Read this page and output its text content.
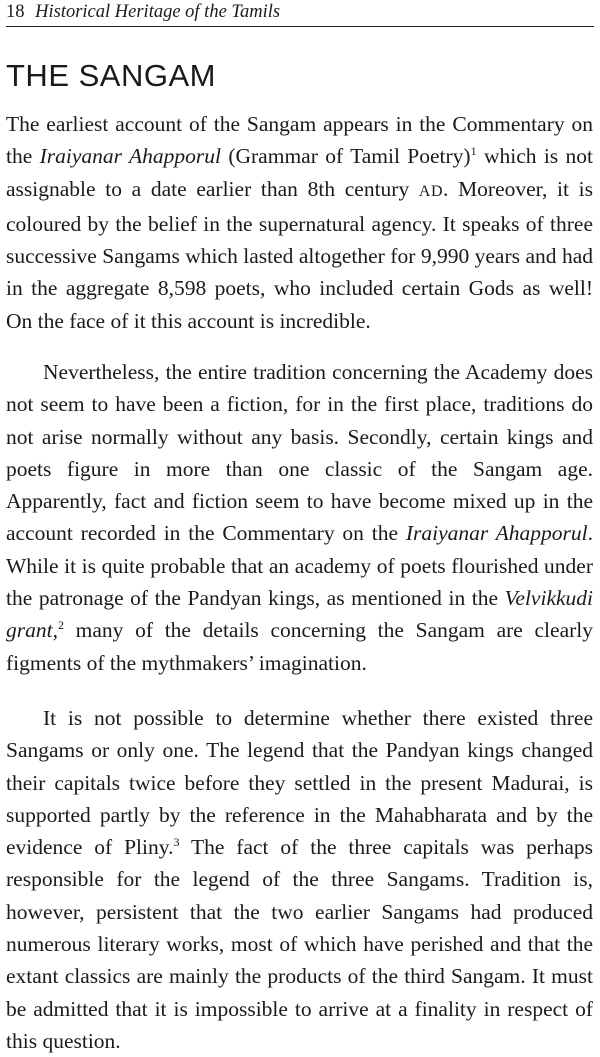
18 Historical Heritage of the Tamils
THE SANGAM

The earliest account of the Sangam appears in the Commentary on the Iraiyanar Ahapporul (Grammar of Tamil Poetry)$^1$ which is not assignable to a date earlier than 8th century AD. Moreover, it is coloured by the belief in the supernatural agency. It speaks of three successive Sangams which lasted altogether for 9,990 years and had in the aggregate 8,598 poets, who included certain Gods as well! On the face of it this account is incredible.

Nevertheless, the entire tradition concerning the Academy does not seem to have been a fiction, for in the first place, traditions do not arise normally without any basis. Secondly, certain kings and poets figure in more than one classic of the Sangam age. Apparently, fact and fiction seem to have become mixed up in the account recorded in the Commentary on the Iraiyanar Ahapporul. While it is quite probable that an academy of poets flourished under the patronage of the Pandyan kings, as mentioned in the Velvikkudi grant,$^2$ many of the details concerning the Sangam are clearly figments of the mythmakers’ imagination.

It is not possible to determine whether there existed three Sangams or only one. The legend that the Pandyan kings changed their capitals twice before they settled in the present Madurai, is supported partly by the reference in the Mahabharata and by the evidence of Pliny.$^3$ The fact of the three capitals was perhaps responsible for the legend of the three Sangams. Tradition is, however, persistent that the two earlier Sangams had produced numerous literary works, most of which have perished and that the extant classics are mainly the products of the third Sangam. It must be admitted that it is impossible to arrive at a finality in respect of this question.
